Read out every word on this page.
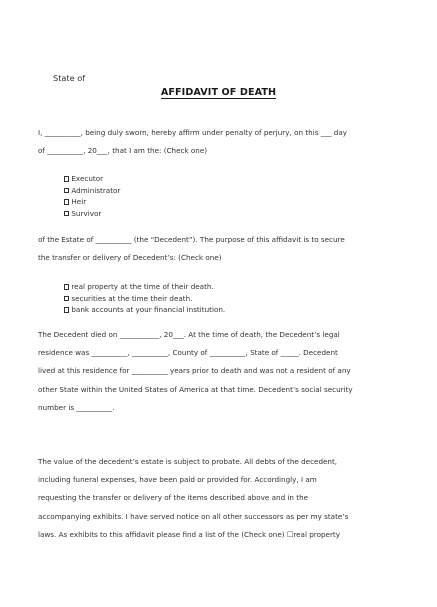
State of
AFFIDAVIT OF DEATH
I, __________, being duly sworn, hereby affirm under penalty of perjury, on this ___ day
of __________, 20___, that I am the: (Check one)
Executor
Administrator
Heir
Survivor
of the Estate of __________ (the “Decedent”). The purpose of this affidavit is to secure
the transfer or delivery of Decedent’s: (Check one)
real property at the time of their death.
securities at the time their death.
bank accounts at your financial institution.
The Decedent died on ___________, 20___. At the time of death, the Decedent’s legal
residence was __________, __________, County of __________, State of _____. Decedent
lived at this residence for __________ years prior to death and was not a resident of any
other State within the United States of America at that time. Decedent’s social security
number is __________.
The value of the decedent’s estate is subject to probate. All debts of the decedent,
including funeral expenses, have been paid or provided for. Accordingly, I am
requesting the transfer or delivery of the items described above and in the
accompanying exhibits. I have served notice on all other successors as per my state’s
laws. As exhibits to this affidavit please find a list of the (Check one) ☐real property
